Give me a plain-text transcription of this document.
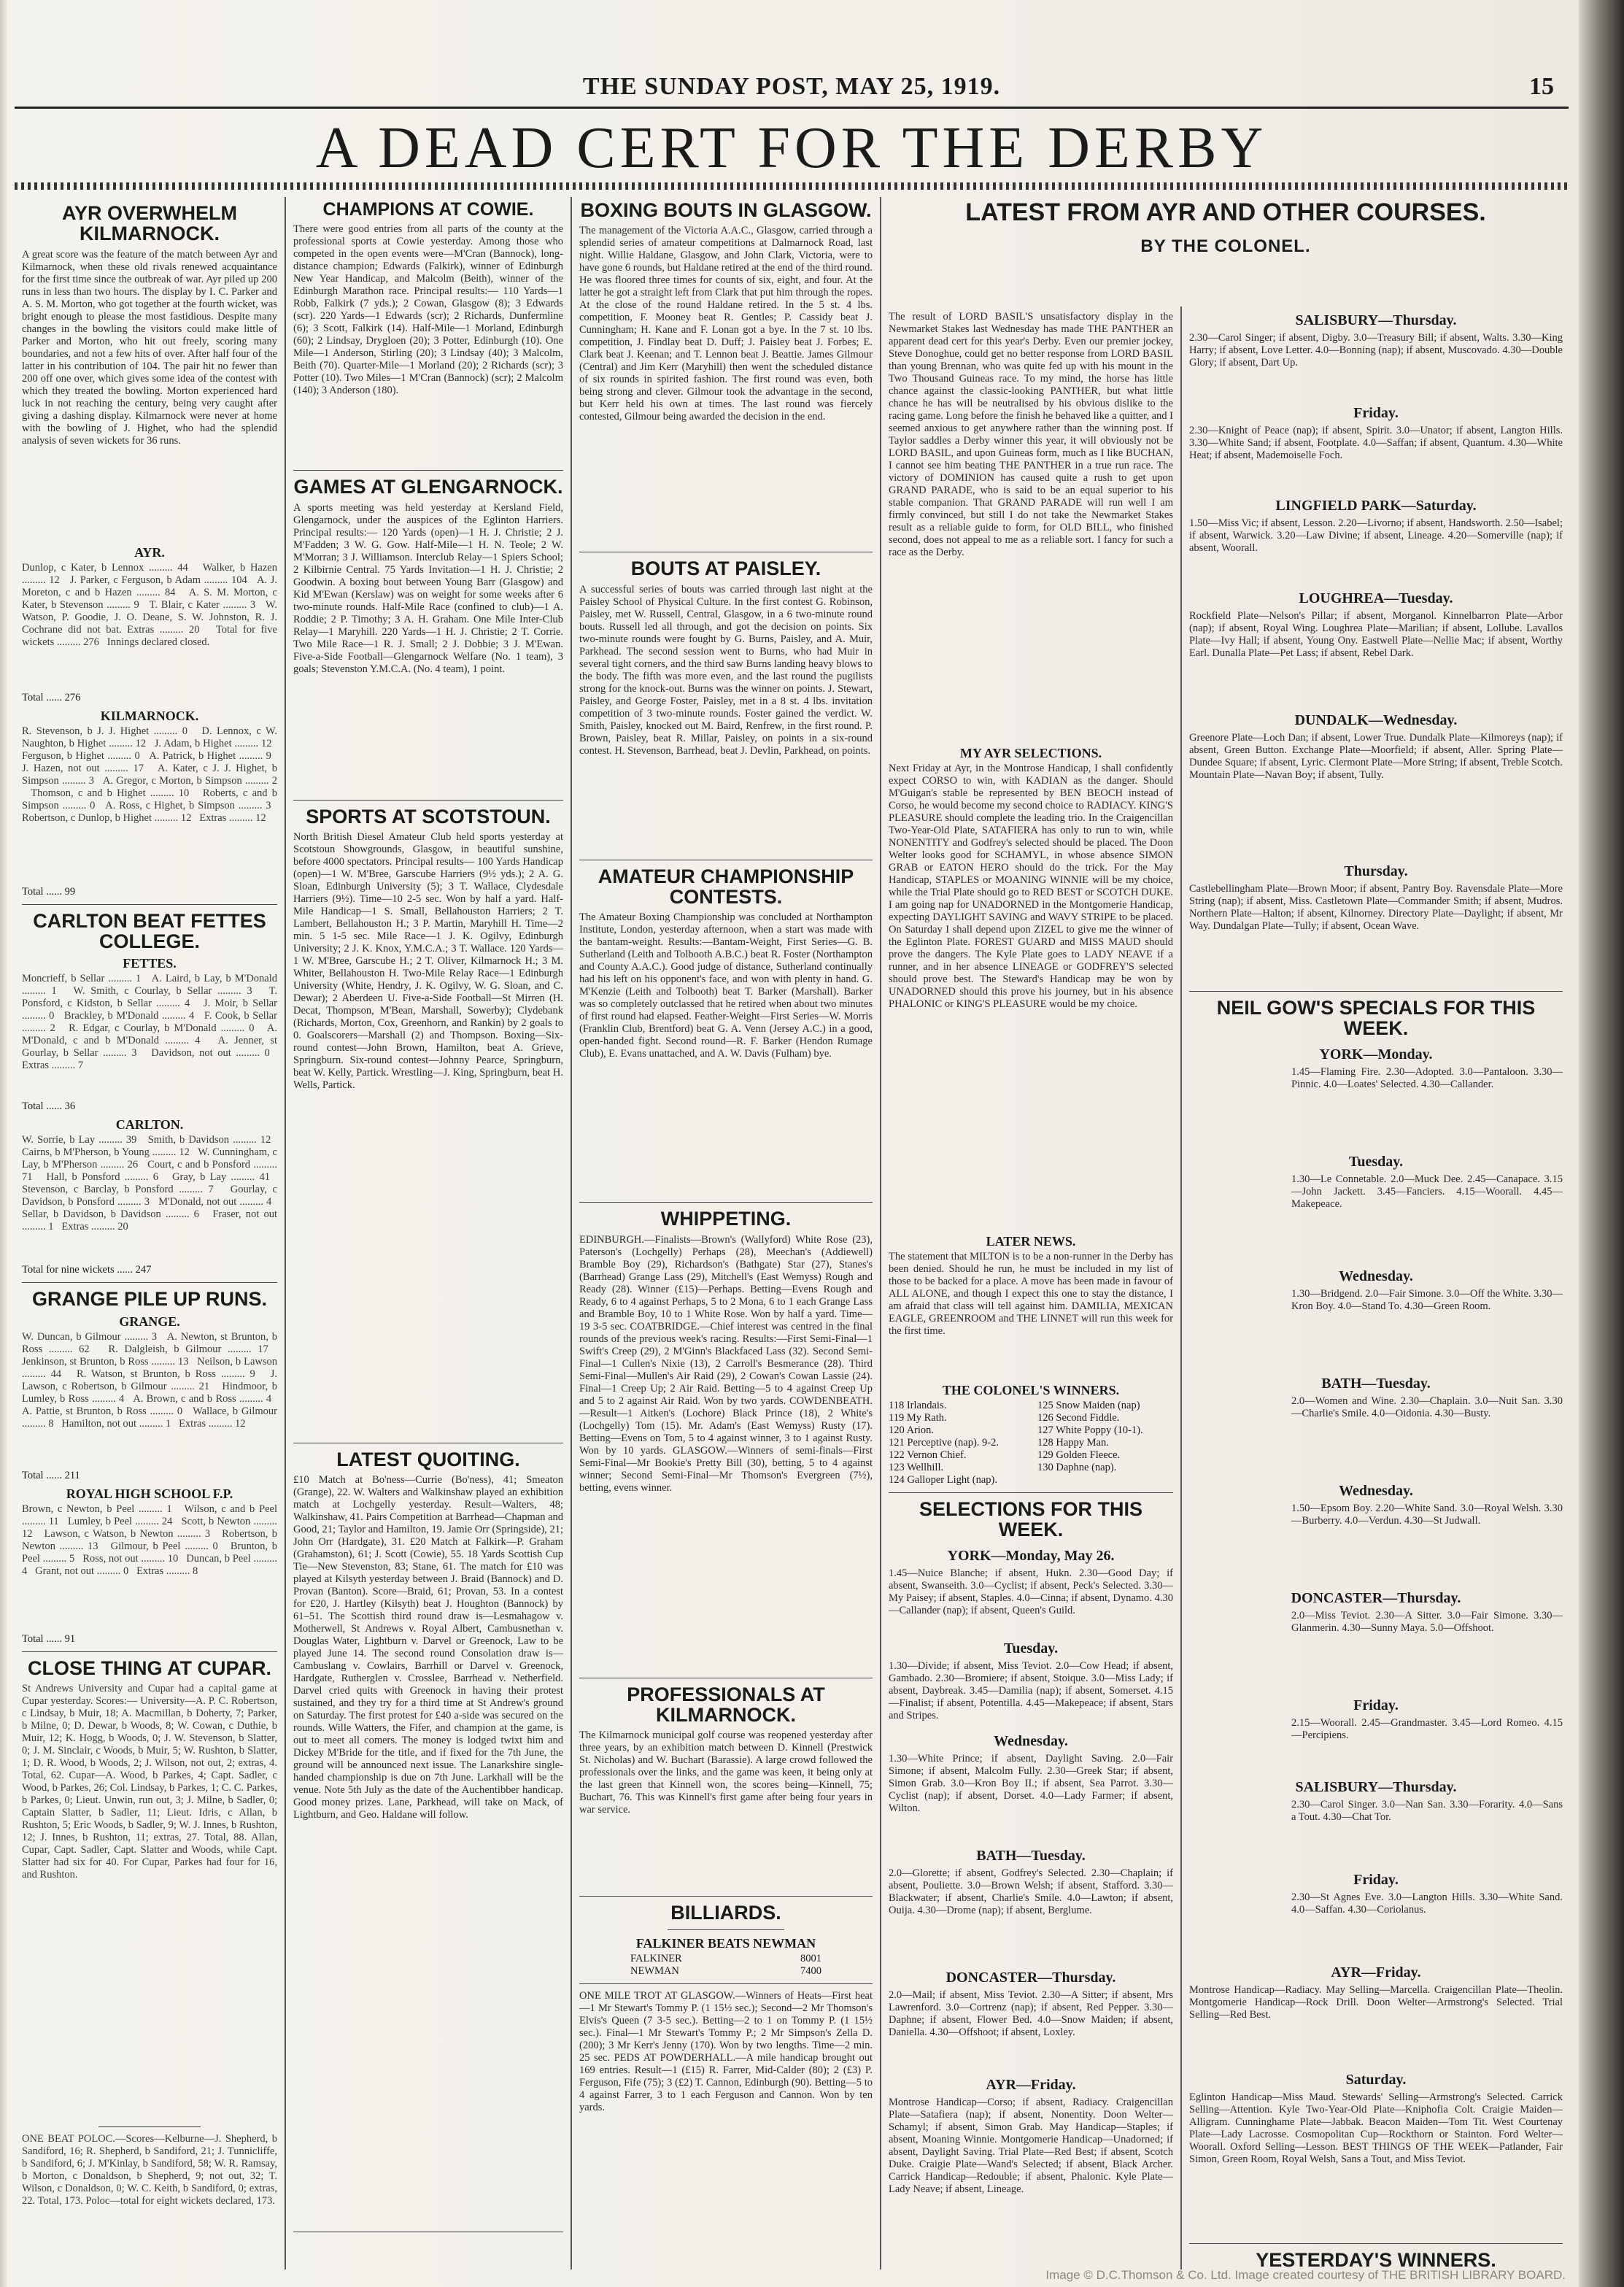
THE SUNDAY POST, MAY 25, 1919.	15
A DEAD CERT FOR THE DERBY
AYR OVERWHELM KILMARNOCK.
A great score was the feature of the match between Ayr and Kilmarnock, when these old rivals renewed acquaintance for the first time since the outbreak of war. Ayr piled up 200 runs in less than two hours. The display by I. C. Parker and A. S. M. Morton, who got together at the fourth wicket, was bright enough to please the most fastidious. Despite many changes in the bowling the visitors could make little of Parker and Morton, who hit out freely, scoring many boundaries, and not a few hits of over. After half four of the latter in his contribution of 104. The pair hit no fewer than 200 off one over, which gives some idea of the contest with which they treated the bowling. Morton experienced hard luck in not reaching the century, being very caught after giving a dashing display. Kilmarnock were never at home with the bowling of J. Highet, who had the splendid analysis of seven wickets for 36 runs.
AYR.
Dunlop, c Kater, b Lennox ......... 44   Walker, b Hazen ......... 12   J. Parker, c Ferguson, b Adam ......... 104   A. J. Moreton, c and b Hazen ......... 84   A. S. M. Morton, c Kater, b Stevenson ......... 9   T. Blair, c Kater ......... 3   W. Watson, P. Goodie, J. O. Deane, S. W. Johnston, R. J. Cochrane did not bat. Extras ......... 20   Total for five wickets ......... 276   Innings declared closed.
Total ...... 276
KILMARNOCK.
R. Stevenson, b J. J. Highet ......... 0   D. Lennox, c W. Naughton, b Highet ......... 12   J. Adam, b Highet ......... 12   Ferguson, b Highet ......... 0   A. Patrick, b Highet ......... 9   J. Hazen, not out ......... 17   A. Kater, c J. J. Highet, b Simpson ......... 3   A. Gregor, c Morton, b Simpson ......... 2   Thomson, c and b Highet ......... 10   Roberts, c and b Simpson ......... 0   A. Ross, c Highet, b Simpson ......... 3   Robertson, c Dunlop, b Highet ......... 12   Extras ......... 12
Total ...... 99
CARLTON BEAT FETTES COLLEGE.
FETTES.
Moncrieff, b Sellar ......... 1   A. Laird, b Lay, b M'Donald ......... 1   W. Smith, c Courlay, b Sellar ......... 3   T. Ponsford, c Kidston, b Sellar ......... 4   J. Moir, b Sellar ......... 0   Brackley, b M'Donald ......... 4   F. Cook, b Sellar ......... 2   R. Edgar, c Courlay, b M'Donald ......... 0   A. M'Donald, c and b M'Donald ......... 4   A. Jenner, st Gourlay, b Sellar ......... 3   Davidson, not out ......... 0   Extras ......... 7
Total ...... 36
CARLTON.
W. Sorrie, b Lay ......... 39   Smith, b Davidson ......... 12   Cairns, b M'Pherson, b Young ......... 12   W. Cunningham, c Lay, b M'Pherson ......... 26   Court, c and b Ponsford ......... 71   Hall, b Ponsford ......... 6   Gray, b Lay ......... 41   Stevenson, c Barclay, b Ponsford ......... 7   Gourlay, c Davidson, b Ponsford ......... 3   M'Donald, not out ......... 4   Sellar, b Davidson, b Davidson ......... 6   Fraser, not out ......... 1   Extras ......... 20
Total for nine wickets ...... 247
GRANGE PILE UP RUNS.
GRANGE.
W. Duncan, b Gilmour ......... 3   A. Newton, st Brunton, b Ross ......... 62   R. Dalgleish, b Gilmour ......... 17   Jenkinson, st Brunton, b Ross ......... 13   Neilson, b Lawson ......... 44   R. Watson, st Brunton, b Ross ......... 9   J. Lawson, c Robertson, b Gilmour ......... 21   Hindmoor, b Lumley, b Ross ......... 4   A. Brown, c and b Ross ......... 4   A. Pattie, st Brunton, b Ross ......... 0   Wallace, b Gilmour ......... 8   Hamilton, not out ......... 1   Extras ......... 12
Total ...... 211
ROYAL HIGH SCHOOL F.P.
Brown, c Newton, b Peel ......... 1   Wilson, c and b Peel ......... 11   Lumley, b Peel ......... 24   Scott, b Newton ......... 12   Lawson, c Watson, b Newton ......... 3   Robertson, b Newton ......... 13   Gilmour, b Peel ......... 0   Brunton, b Peel ......... 5   Ross, not out ......... 10   Duncan, b Peel ......... 4   Grant, not out ......... 0   Extras ......... 8
Total ...... 91
CLOSE THING AT CUPAR.
St Andrews University and Cupar had a capital game at Cupar yesterday. Scores:— University—A. P. C. Robertson, c Lindsay, b Muir, 18; A. Macmillan, b Doherty, 7; Parker, b Milne, 0; D. Dewar, b Woods, 8; W. Cowan, c Duthie, b Muir, 12; K. Hogg, b Woods, 0; J. W. Stevenson, b Slatter, 0; J. M. Sinclair, c Woods, b Muir, 5; W. Rushton, b Slatter, 1; D. R. Wood, b Woods, 2; J. Wilson, not out, 2; extras, 4. Total, 62. Cupar—A. Wood, b Parkes, 4; Capt. Sadler, c Wood, b Parkes, 26; Col. Lindsay, b Parkes, 1; C. C. Parkes, b Parkes, 0; Lieut. Unwin, run out, 3; J. Milne, b Sadler, 0; Captain Slatter, b Sadler, 11; Lieut. Idris, c Allan, b Rushton, 5; Eric Woods, b Sadler, 9; W. J. Innes, b Rushton, 12; J. Innes, b Rushton, 11; extras, 27. Total, 88. Allan, Cupar, Capt. Sadler, Capt. Slatter and Woods, while Capt. Slatter had six for 40. For Cupar, Parkes had four for 16, and Rushton.
ONE BEAT POLOC.—Scores—Kelburne—J. Shepherd, b Sandiford, 16; R. Shepherd, b Sandiford, 21; J. Tunnicliffe, b Sandiford, 6; J. M'Kinlay, b Sandiford, 58; W. R. Ramsay, b Morton, c Donaldson, b Shepherd, 9; not out, 32; T. Wilson, c Donaldson, 0; W. C. Keith, b Sandiford, 0; extras, 22. Total, 173. Poloc—total for eight wickets declared, 173.
CHAMPIONS AT COWIE.
There were good entries from all parts of the county at the professional sports at Cowie yesterday. Among those who competed in the open events were—M'Cran (Bannock), long-distance champion; Edwards (Falkirk), winner of Edinburgh New Year Handicap, and Malcolm (Beith), winner of the Edinburgh Marathon race. Principal results:— 110 Yards—1 Robb, Falkirk (7 yds.); 2 Cowan, Glasgow (8); 3 Edwards (scr). 220 Yards—1 Edwards (scr); 2 Richards, Dunfermline (6); 3 Scott, Falkirk (14). Half-Mile—1 Morland, Edinburgh (60); 2 Lindsay, Drygloen (20); 3 Potter, Edinburgh (10). One Mile—1 Anderson, Stirling (20); 3 Lindsay (40); 3 Malcolm, Beith (70). Quarter-Mile—1 Morland (20); 2 Richards (scr); 3 Potter (10). Two Miles—1 M'Cran (Bannock) (scr); 2 Malcolm (140); 3 Anderson (180).
GAMES AT GLENGARNOCK.
A sports meeting was held yesterday at Kersland Field, Glengarnock, under the auspices of the Eglinton Harriers. Principal results:— 120 Yards (open)—1 H. J. Christie; 2 J. M'Fadden; 3 W. G. Gow. Half-Mile—1 H. N. Teole; 2 W. M'Morran; 3 J. Williamson. Interclub Relay—1 Spiers School; 2 Kilbirnie Central. 75 Yards Invitation—1 H. J. Christie; 2 Goodwin. A boxing bout between Young Barr (Glasgow) and Kid M'Ewan (Kerslaw) was on weight for some weeks after 6 two-minute rounds. Half-Mile Race (confined to club)—1 A. Roddie; 2 P. Timothy; 3 A. H. Graham. One Mile Inter-Club Relay—1 Maryhill. 220 Yards—1 H. J. Christie; 2 T. Corrie. Two Mile Race—1 R. J. Small; 2 J. Dobbie; 3 J. M'Ewan. Five-a-Side Football—Glengarnock Welfare (No. 1 team), 3 goals; Stevenston Y.M.C.A. (No. 4 team), 1 point.
SPORTS AT SCOTSTOUN.
North British Diesel Amateur Club held sports yesterday at Scotstoun Showgrounds, Glasgow, in beautiful sunshine, before 4000 spectators. Principal results— 100 Yards Handicap (open)—1 W. M'Bree, Garscube Harriers (9½ yds.); 2 A. G. Sloan, Edinburgh University (5); 3 T. Wallace, Clydesdale Harriers (9½). Time—10 2-5 sec. Won by half a yard. Half-Mile Handicap—1 S. Small, Bellahouston Harriers; 2 T. Lambert, Bellahouston H.; 3 P. Martin, Maryhill H. Time—2 min. 5 1-5 sec. Mile Race—1 J. K. Ogilvy, Edinburgh University; 2 J. K. Knox, Y.M.C.A.; 3 T. Wallace. 120 Yards—1 W. M'Bree, Garscube H.; 2 T. Oliver, Kilmarnock H.; 3 M. Whiter, Bellahouston H. Two-Mile Relay Race—1 Edinburgh University (White, Hendry, J. K. Ogilvy, W. G. Sloan, and C. Dewar); 2 Aberdeen U. Five-a-Side Football—St Mirren (H. Decat, Thompson, M'Bean, Marshall, Sowerby); Clydebank (Richards, Morton, Cox, Greenhorn, and Rankin) by 2 goals to 0. Goalscorers—Marshall (2) and Thompson. Boxing—Six-round contest—John Brown, Hamilton, beat A. Grieve, Springburn. Six-round contest—Johnny Pearce, Springburn, beat W. Kelly, Partick. Wrestling—J. King, Springburn, beat H. Wells, Partick.
LATEST QUOITING.
£10 Match at Bo'ness—Currie (Bo'ness), 41; Smeaton (Grange), 22. W. Walters and Walkinshaw played an exhibition match at Lochgelly yesterday. Result—Walters, 48; Walkinshaw, 41. Pairs Competition at Barrhead—Chapman and Good, 21; Taylor and Hamilton, 19. Jamie Orr (Springside), 21; John Orr (Hardgate), 31. £20 Match at Falkirk—P. Graham (Grahamston), 61; J. Scott (Cowie), 55. 18 Yards Scottish Cup Tie—New Stevenston, 83; Stane, 61. The match for £10 was played at Kilsyth yesterday between J. Braid (Bannock) and D. Provan (Banton). Score—Braid, 61; Provan, 53. In a contest for £20, J. Hartley (Kilsyth) beat J. Houghton (Bannock) by 61–51. The Scottish third round draw is—Lesmahagow v. Motherwell, St Andrews v. Royal Albert, Cambusnethan v. Douglas Water, Lightburn v. Darvel or Greenock, Law to be played June 14. The second round Consolation draw is—Cambuslang v. Cowlairs, Barrhill or Darvel v. Greenock, Hardgate, Rutherglen v. Crosslee, Barrhead v. Netherfield. Darvel cried quits with Greenock in having their protest sustained, and they try for a third time at St Andrew's ground on Saturday. The first protest for £40 a-side was secured on the rounds. Wille Watters, the Fifer, and champion at the game, is out to meet all comers. The money is lodged twixt him and Dickey M'Bride for the title, and if fixed for the 7th June, the ground will be announced next issue. The Lanarkshire single-handed championship is due on 7th June. Larkhall will be the venue. Note 5th July as the date of the Auchentibber handicap. Good money prizes. Lane, Parkhead, will take on Mack, of Lightburn, and Geo. Haldane will follow.
BOXING BOUTS IN GLASGOW.
The management of the Victoria A.A.C., Glasgow, carried through a splendid series of amateur competitions at Dalmarnock Road, last night. Willie Haldane, Glasgow, and John Clark, Victoria, were to have gone 6 rounds, but Haldane retired at the end of the third round. He was floored three times for counts of six, eight, and four. At the latter he got a straight left from Clark that put him through the ropes. At the close of the round Haldane retired. In the 5 st. 4 lbs. competition, F. Mooney beat R. Gentles; P. Cassidy beat J. Cunningham; H. Kane and F. Lonan got a bye. In the 7 st. 10 lbs. competition, J. Findlay beat D. Duff; J. Paisley beat J. Forbes; E. Clark beat J. Keenan; and T. Lennon beat J. Beattie. James Gilmour (Central) and Jim Kerr (Maryhill) then went the scheduled distance of six rounds in spirited fashion. The first round was even, both being strong and clever. Gilmour took the advantage in the second, but Kerr held his own at times. The last round was fiercely contested, Gilmour being awarded the decision in the end.
BOUTS AT PAISLEY.
A successful series of bouts was carried through last night at the Paisley School of Physical Culture. In the first contest G. Robinson, Paisley, met W. Russell, Central, Glasgow, in a 6 two-minute round bouts. Russell led all through, and got the decision on points. Six two-minute rounds were fought by G. Burns, Paisley, and A. Muir, Parkhead. The second session went to Burns, who had Muir in several tight corners, and the third saw Burns landing heavy blows to the body. The fifth was more even, and the last round the pugilists strong for the knock-out. Burns was the winner on points. J. Stewart, Paisley, and George Foster, Paisley, met in a 8 st. 4 lbs. invitation competition of 3 two-minute rounds. Foster gained the verdict. W. Smith, Paisley, knocked out M. Baird, Renfrew, in the first round. P. Brown, Paisley, beat R. Millar, Paisley, on points in a six-round contest. H. Stevenson, Barrhead, beat J. Devlin, Parkhead, on points.
AMATEUR CHAMPIONSHIP CONTESTS.
The Amateur Boxing Championship was concluded at Northampton Institute, London, yesterday afternoon, when a start was made with the bantam-weight. Results:—Bantam-Weight, First Series—G. B. Sutherland (Leith and Tolbooth A.B.C.) beat R. Foster (Northampton and County A.A.C.). Good judge of distance, Sutherland continually had his left on his opponent's face, and won with plenty in hand. G. M'Kenzie (Leith and Tolbooth) beat T. Barker (Marshall). Barker was so completely outclassed that he retired when about two minutes of first round had elapsed. Feather-Weight—First Series—W. Morris (Franklin Club, Brentford) beat G. A. Venn (Jersey A.C.) in a good, open-handed fight. Second round—R. F. Barker (Hendon Rumage Club), E. Evans unattached, and A. W. Davis (Fulham) bye.
WHIPPETING.
EDINBURGH.—Finalists—Brown's (Wallyford) White Rose (23), Paterson's (Lochgelly) Perhaps (28), Meechan's (Addiewell) Bramble Boy (29), Richardson's (Bathgate) Star (27), Stanes's (Barrhead) Grange Lass (29), Mitchell's (East Wemyss) Rough and Ready (28). Winner (£15)—Perhaps. Betting—Evens Rough and Ready, 6 to 4 against Perhaps, 5 to 2 Mona, 6 to 1 each Grange Lass and Bramble Boy, 10 to 1 White Rose. Won by half a yard. Time—19 3-5 sec. COATBRIDGE.—Chief interest was centred in the final rounds of the previous week's racing. Results:—First Semi-Final—1 Swift's Creep (29), 2 M'Ginn's Blackfaced Lass (32). Second Semi-Final—1 Cullen's Nixie (13), 2 Carroll's Besmerance (28). Third Semi-Final—Mullen's Air Raid (29), 2 Cowan's Cowan Lassie (24). Final—1 Creep Up; 2 Air Raid. Betting—5 to 4 against Creep Up and 5 to 2 against Air Raid. Won by two yards. COWDENBEATH.—Result—1 Aitken's (Lochore) Black Prince (18), 2 White's (Lochgelly) Tom (15). Mr. Adam's (East Wemyss) Rusty (17). Betting—Evens on Tom, 5 to 4 against winner, 3 to 1 against Rusty. Won by 10 yards. GLASGOW.—Winners of semi-finals—First Semi-Final—Mr Bookie's Pretty Bill (30), betting, 5 to 4 against winner; Second Semi-Final—Mr Thomson's Evergreen (7½), betting, evens winner.
PROFESSIONALS AT KILMARNOCK.
The Kilmarnock municipal golf course was reopened yesterday after three years, by an exhibition match between D. Kinnell (Prestwick St. Nicholas) and W. Buchart (Barassie). A large crowd followed the professionals over the links, and the game was keen, it being only at the last green that Kinnell won, the scores being—Kinnell, 75; Buchart, 76. This was Kinnell's first game after being four years in war service.
BILLIARDS.
FALKINER BEATS NEWMAN
FALKINER	8001
NEWMAN	7400
ONE MILE TROT AT GLASGOW.—Winners of Heats—First heat—1 Mr Stewart's Tommy P. (1 15½ sec.); Second—2 Mr Thomson's Elvis's Queen (7 3-5 sec.). Betting—2 to 1 on Tommy P. (1 15½ sec.). Final—1 Mr Stewart's Tommy P.; 2 Mr Simpson's Zella D. (200); 3 Mr Kerr's Jenny (170). Won by two lengths. Time—2 min. 25 sec. PEDS AT POWDERHALL.—A mile handicap brought out 169 entries. Result—1 (£15) R. Farrer, Mid-Calder (80); 2 (£3) P. Ferguson, Fife (75); 3 (£2) T. Cannon, Edinburgh (90). Betting—5 to 4 against Farrer, 3 to 1 each Ferguson and Cannon. Won by ten yards.
LATEST FROM AYR AND OTHER COURSES.
BY THE COLONEL.
The result of LORD BASIL'S unsatisfactory display in the Newmarket Stakes last Wednesday has made THE PANTHER an apparent dead cert for this year's Derby. Even our premier jockey, Steve Donoghue, could get no better response from LORD BASIL than young Brennan, who was quite fed up with his mount in the Two Thousand Guineas race. To my mind, the horse has little chance against the classic-looking PANTHER, but what little chance he has will be neutralised by his obvious dislike to the racing game. Long before the finish he behaved like a quitter, and I seemed anxious to get anywhere rather than the winning post. If Taylor saddles a Derby winner this year, it will obviously not be LORD BASIL, and upon Guineas form, much as I like BUCHAN, I cannot see him beating THE PANTHER in a true run race. The victory of DOMINION has caused quite a rush to get upon GRAND PARADE, who is said to be an equal superior to his stable companion. That GRAND PARADE will run well I am firmly convinced, but still I do not take the Newmarket Stakes result as a reliable guide to form, for OLD BILL, who finished second, does not appeal to me as a reliable sort. I fancy for such a race as the Derby.
MY AYR SELECTIONS.
Next Friday at Ayr, in the Montrose Handicap, I shall confidently expect CORSO to win, with KADIAN as the danger. Should M'Guigan's stable be represented by BEN BEOCH instead of Corso, he would become my second choice to RADIACY. KING'S PLEASURE should complete the leading trio. In the Craigencillan Two-Year-Old Plate, SATAFIERA has only to run to win, while NONENTITY and Godfrey's selected should be placed. The Doon Welter looks good for SCHAMYL, in whose absence SIMON GRAB or EATON HERO should do the trick. For the May Handicap, STAPLES or MOANING WINNIE will be my choice, while the Trial Plate should go to RED BEST or SCOTCH DUKE. I am going nap for UNADORNED in the Montgomerie Handicap, expecting DAYLIGHT SAVING and WAVY STRIPE to be placed. On Saturday I shall depend upon ZIZEL to give me the winner of the Eglinton Plate. FOREST GUARD and MISS MAUD should prove the dangers. The Kyle Plate goes to LADY NEAVE if a runner, and in her absence LINEAGE or GODFREY'S selected should prove best. The Steward's Handicap may be won by UNADORNED should this prove his journey, but in his absence PHALONIC or KING'S PLEASURE would be my choice.
LATER NEWS.
The statement that MILTON is to be a non-runner in the Derby has been denied. Should he run, he must be included in my list of those to be backed for a place. A move has been made in favour of ALL ALONE, and though I expect this one to stay the distance, I am afraid that class will tell against him. DAMILIA, MEXICAN EAGLE, GREENROOM and THE LINNET will run this week for the first time.
THE COLONEL'S WINNERS.
118 Irlandais.	125 Snow Maiden (nap)
119 My Rath.	126 Second Fiddle.
120 Arion.	127 White Poppy (10-1).
121 Perceptive (nap). 9-2.	128 Happy Man.
122 Vernon Chief.	129 Golden Fleece.
123 Wellhill.	130 Daphne (nap).
124 Galloper Light (nap).
SELECTIONS FOR THIS WEEK.
YORK—Monday, May 26.
1.45—Nuice Blanche; if absent, Hukn. 2.30—Good Day; if absent, Swanseith. 3.0—Cyclist; if absent, Peck's Selected. 3.30—My Paisey; if absent, Staples. 4.0—Cinna; if absent, Dynamo. 4.30—Callander (nap); if absent, Queen's Guild.
Tuesday.
1.30—Divide; if absent, Miss Teviot. 2.0—Cow Head; if absent, Gambado. 2.30—Bromiere; if absent, Stoique. 3.0—Miss Lady; if absent, Daybreak. 3.45—Damilia (nap); if absent, Somerset. 4.15—Finalist; if absent, Potentilla. 4.45—Makepeace; if absent, Stars and Stripes.
Wednesday.
1.30—White Prince; if absent, Daylight Saving. 2.0—Fair Simone; if absent, Malcolm Fully. 2.30—Greek Star; if absent, Simon Grab. 3.0—Kron Boy II.; if absent, Sea Parrot. 3.30—Cyclist (nap); if absent, Dorset. 4.0—Lady Farmer; if absent, Wilton.
BATH—Tuesday.
2.0—Glorette; if absent, Godfrey's Selected. 2.30—Chaplain; if absent, Pouliette. 3.0—Brown Welsh; if absent, Stafford. 3.30—Blackwater; if absent, Charlie's Smile. 4.0—Lawton; if absent, Ouija. 4.30—Drome (nap); if absent, Berglume.
DONCASTER—Thursday.
2.0—Mail; if absent, Miss Teviot. 2.30—A Sitter; if absent, Mrs Lawrenford. 3.0—Cortrenz (nap); if absent, Red Pepper. 3.30—Daphne; if absent, Flower Bed. 4.0—Snow Maiden; if absent, Daniella. 4.30—Offshoot; if absent, Loxley.
AYR—Friday.
Montrose Handicap—Corso; if absent, Radiacy. Craigencillan Plate—Satafiera (nap); if absent, Nonentity. Doon Welter—Schamyl; if absent, Simon Grab. May Handicap—Staples; if absent, Moaning Winnie. Montgomerie Handicap—Unadorned; if absent, Daylight Saving. Trial Plate—Red Best; if absent, Scotch Duke. Craigie Plate—Wand's Selected; if absent, Black Archer. Carrick Handicap—Redouble; if absent, Phalonic. Kyle Plate—Lady Neave; if absent, Lineage.
SALISBURY—Thursday.
2.30—Carol Singer; if absent, Digby. 3.0—Treasury Bill; if absent, Walts. 3.30—King Harry; if absent, Love Letter. 4.0—Bonning (nap); if absent, Muscovado. 4.30—Double Glory; if absent, Dart Up.
Friday.
2.30—Knight of Peace (nap); if absent, Spirit. 3.0—Unator; if absent, Langton Hills. 3.30—White Sand; if absent, Footplate. 4.0—Saffan; if absent, Quantum. 4.30—White Heat; if absent, Mademoiselle Foch.
LINGFIELD PARK—Saturday.
1.50—Miss Vic; if absent, Lesson. 2.20—Livorno; if absent, Handsworth. 2.50—Isabel; if absent, Warwick. 3.20—Law Divine; if absent, Lineage. 4.20—Somerville (nap); if absent, Woorall.
LOUGHREA—Tuesday.
Rockfield Plate—Nelson's Pillar; if absent, Morganol. Kinnelbarron Plate—Arbor (nap); if absent, Royal Wing. Loughrea Plate—Marilian; if absent, Lollube. Lavallos Plate—Ivy Hall; if absent, Young Ony. Eastwell Plate—Nellie Mac; if absent, Worthy Earl. Dunalla Plate—Pet Lass; if absent, Rebel Dark.
DUNDALK—Wednesday.
Greenore Plate—Loch Dan; if absent, Lower True. Dundalk Plate—Kilmoreys (nap); if absent, Green Button. Exchange Plate—Moorfield; if absent, Aller. Spring Plate—Dundee Square; if absent, Lyric. Clermont Plate—More String; if absent, Treble Scotch. Mountain Plate—Navan Boy; if absent, Tully.
Thursday.
Castlebellingham Plate—Brown Moor; if absent, Pantry Boy. Ravensdale Plate—More String (nap); if absent, Miss. Castletown Plate—Commander Smith; if absent, Mudros. Northern Plate—Halton; if absent, Kilnorney. Directory Plate—Daylight; if absent, Mr Way. Dundalgan Plate—Tully; if absent, Ocean Wave.
NEIL GOW'S SPECIALS FOR THIS WEEK.
YORK—Monday.
1.45—Flaming Fire. 2.30—Adopted. 3.0—Pantaloon. 3.30—Pinnic. 4.0—Loates' Selected. 4.30—Callander.
Tuesday.
1.30—Le Connetable. 2.0—Muck Dee. 2.45—Canapace. 3.15—John Jackett. 3.45—Fanciers. 4.15—Woorall. 4.45—Makepeace.
Wednesday.
1.30—Bridgend. 2.0—Fair Simone. 3.0—Off the White. 3.30—Kron Boy. 4.0—Stand To. 4.30—Green Room.
BATH—Tuesday.
2.0—Women and Wine. 2.30—Chaplain. 3.0—Nuit San. 3.30—Charlie's Smile. 4.0—Oidonia. 4.30—Busty.
Wednesday.
1.50—Epsom Boy. 2.20—White Sand. 3.0—Royal Welsh. 3.30—Burberry. 4.0—Verdun. 4.30—St Judwall.
DONCASTER—Thursday.
2.0—Miss Teviot. 2.30—A Sitter. 3.0—Fair Simone. 3.30—Glanmerin. 4.30—Sunny Maya. 5.0—Offshoot.
Friday.
2.15—Woorall. 2.45—Grandmaster. 3.45—Lord Romeo. 4.15—Percipiens.
SALISBURY—Thursday.
2.30—Carol Singer. 3.0—Nan San. 3.30—Forarity. 4.0—Sans a Tout. 4.30—Chat Tor.
Friday.
2.30—St Agnes Eve. 3.0—Langton Hills. 3.30—White Sand. 4.0—Saffan. 4.30—Coriolanus.
AYR—Friday.
Montrose Handicap—Radiacy. May Selling—Marcella. Craigencillan Plate—Theolin. Montgomerie Handicap—Rock Drill. Doon Welter—Armstrong's Selected. Trial Selling—Red Best.
Saturday.
Eglinton Handicap—Miss Maud. Stewards' Selling—Armstrong's Selected. Carrick Selling—Attention. Kyle Two-Year-Old Plate—Kniphofia Colt. Craigie Maiden—Alligram. Cunninghame Plate—Jabbak. Beacon Maiden—Tom Tit. West Courtenay Plate—Lady Lacrosse. Cosmopolitan Cup—Rockthorn or Stainton. Ford Welter—Woorall. Oxford Selling—Lesson. BEST THINGS OF THE WEEK—Patlander, Fair Simon, Green Room, Royal Welsh, Sans a Tout, and Miss Teviot.
YESTERDAY'S WINNERS.
Image © D.C.Thomson & Co. Ltd. Image created courtesy of THE BRITISH LIBRARY BOARD.
